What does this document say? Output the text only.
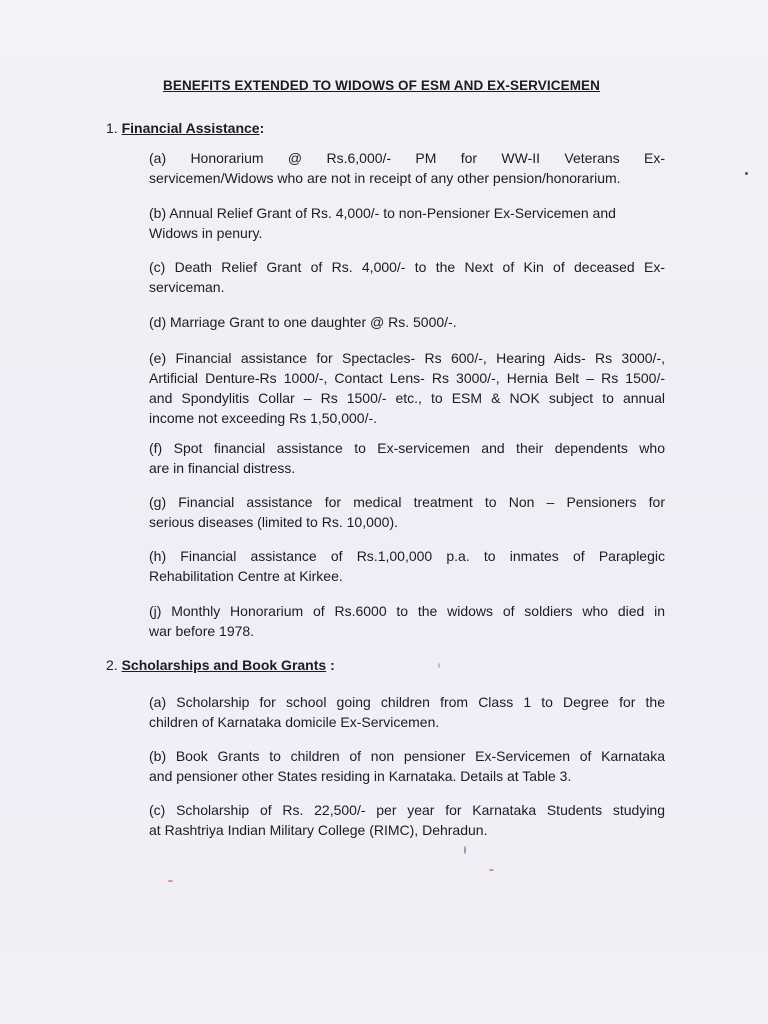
BENEFITS EXTENDED TO WIDOWS OF ESM AND EX-SERVICEMEN
1. Financial Assistance:
(a) Honorarium @ Rs.6,000/- PM for WW-II Veterans Ex-
servicemen/Widows who are not in receipt of any other pension/honorarium.
(b) Annual Relief Grant of Rs. 4,000/- to non-Pensioner Ex-Servicemen and
Widows in penury.
(c) Death Relief Grant of Rs. 4,000/- to the Next of Kin of deceased Ex-
serviceman.
(d) Marriage Grant to one daughter @ Rs. 5000/-.
(e) Financial assistance for Spectacles- Rs 600/-, Hearing Aids- Rs 3000/-,
Artificial Denture-Rs 1000/-, Contact Lens- Rs 3000/-, Hernia Belt – Rs 1500/-
and Spondylitis Collar – Rs 1500/- etc., to ESM & NOK subject to annual
income not exceeding Rs 1,50,000/-.
(f) Spot financial assistance to Ex-servicemen and their dependents who
are in financial distress.
(g) Financial assistance for medical treatment to Non – Pensioners for
serious diseases (limited to Rs. 10,000).
(h) Financial assistance of Rs.1,00,000 p.a. to inmates of Paraplegic
Rehabilitation Centre at Kirkee.
(j) Monthly Honorarium of Rs.6000 to the widows of soldiers who died in
war before 1978.
2. Scholarships and Book Grants :
(a) Scholarship for school going children from Class 1 to Degree for the
children of Karnataka domicile Ex-Servicemen.
(b) Book Grants to children of non pensioner Ex-Servicemen of Karnataka
and pensioner other States residing in Karnataka. Details at Table 3.
(c) Scholarship of Rs. 22,500/- per year for Karnataka Students studying
at Rashtriya Indian Military College (RIMC), Dehradun.
